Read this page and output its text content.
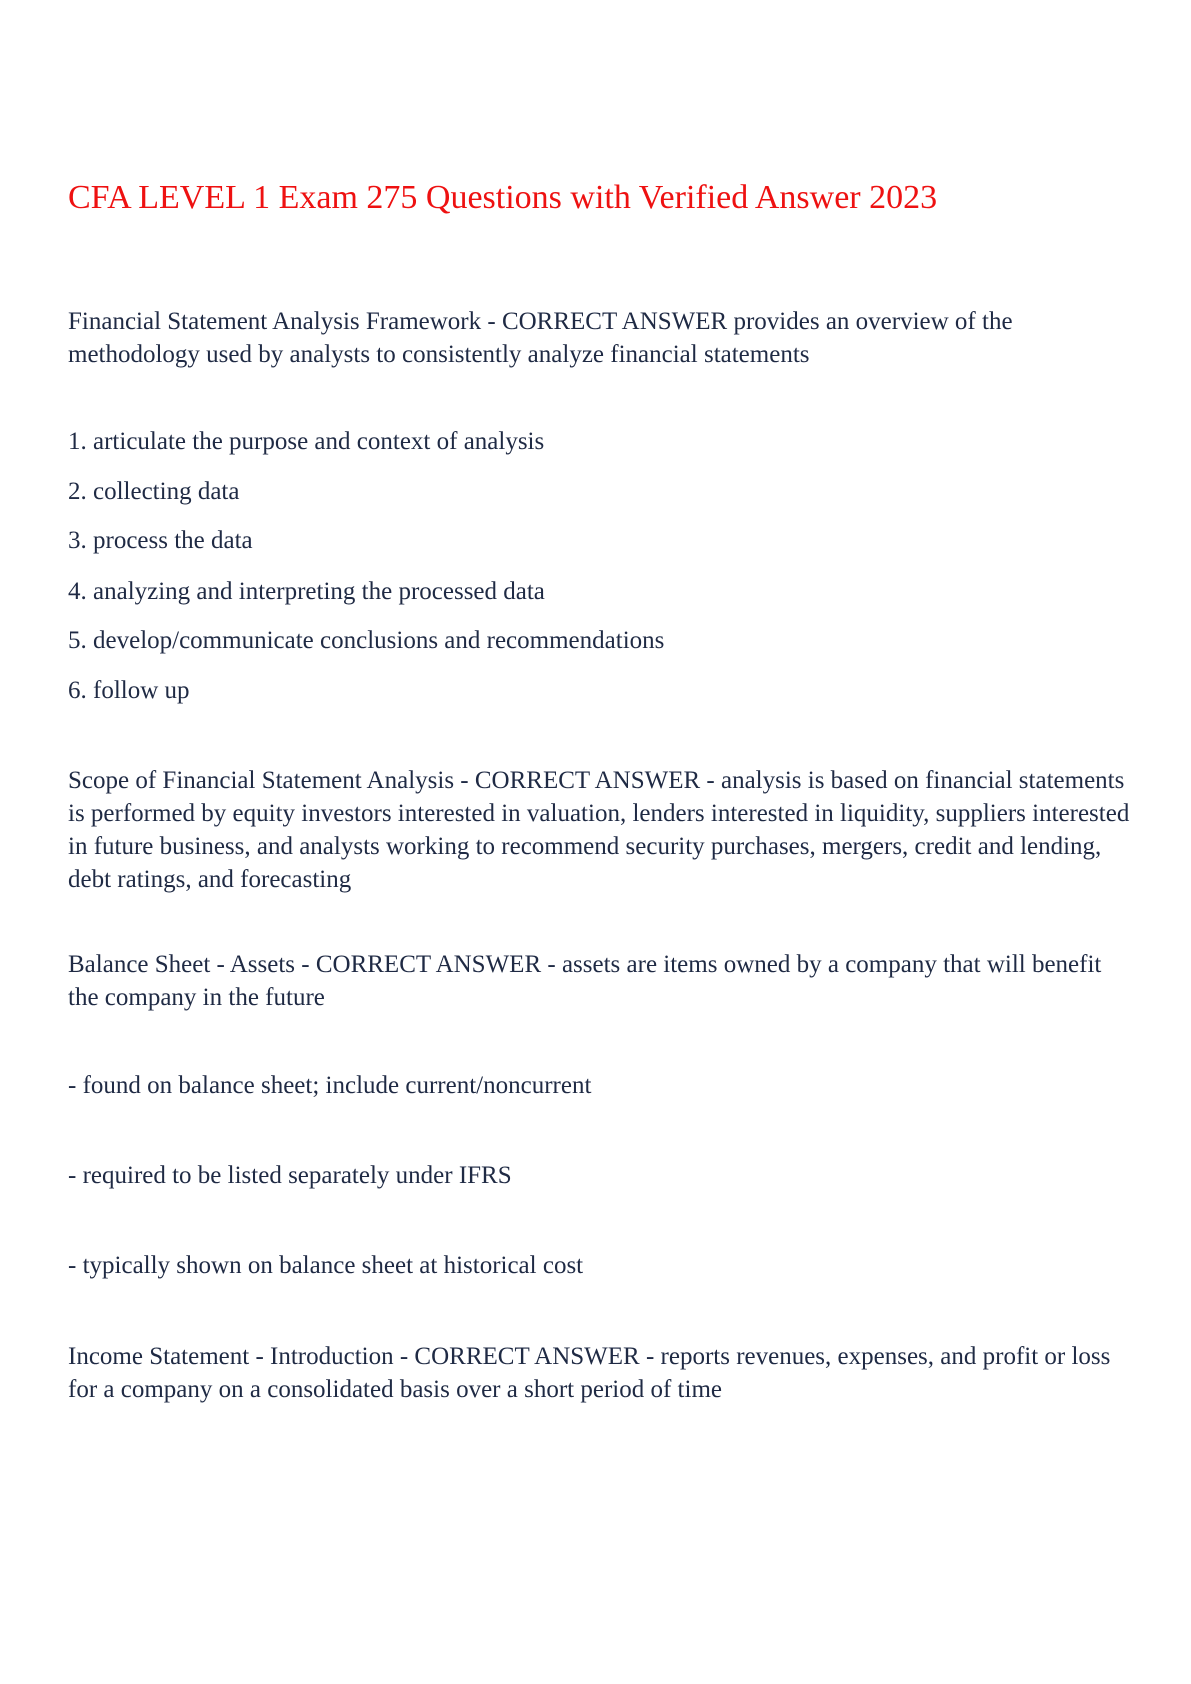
CFA LEVEL 1 Exam 275 Questions with Verified Answer 2023

Financial Statement Analysis Framework - CORRECT ANSWER provides an overview of the methodology used by analysts to consistently analyze financial statements

1. articulate the purpose and context of analysis

2. collecting data

3. process the data

4. analyzing and interpreting the processed data

5. develop/communicate conclusions and recommendations

6. follow up

Scope of Financial Statement Analysis - CORRECT ANSWER - analysis is based on financial statements is performed by equity investors interested in valuation, lenders interested in liquidity, suppliers interested in future business, and analysts working to recommend security purchases, mergers, credit and lending, debt ratings, and forecasting

Balance Sheet - Assets - CORRECT ANSWER - assets are items owned by a company that will benefit the company in the future

- found on balance sheet; include current/noncurrent

- required to be listed separately under IFRS

- typically shown on balance sheet at historical cost

Income Statement - Introduction - CORRECT ANSWER - reports revenues, expenses, and profit or loss for a company on a consolidated basis over a short period of time
